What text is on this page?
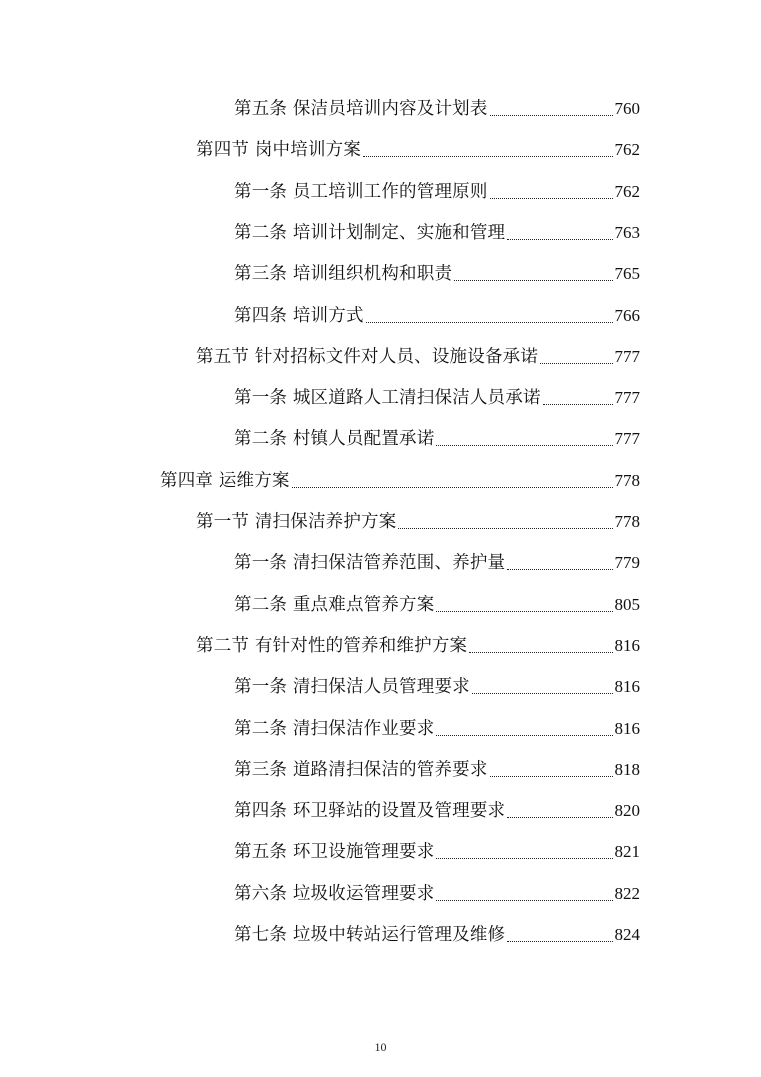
第五条 保洁员培训内容及计划表	760
第四节 岗中培训方案	762
第一条 员工培训工作的管理原则	762
第二条 培训计划制定、实施和管理	763
第三条 培训组织机构和职责	765
第四条 培训方式	766
第五节 针对招标文件对人员、设施设备承诺	777
第一条 城区道路人工清扫保洁人员承诺	777
第二条 村镇人员配置承诺	777
第四章 运维方案	778
第一节 清扫保洁养护方案	778
第一条 清扫保洁管养范围、养护量	779
第二条 重点难点管养方案	805
第二节 有针对性的管养和维护方案	816
第一条 清扫保洁人员管理要求	816
第二条 清扫保洁作业要求	816
第三条 道路清扫保洁的管养要求	818
第四条 环卫驿站的设置及管理要求	820
第五条 环卫设施管理要求	821
第六条 垃圾收运管理要求	822
第七条 垃圾中转站运行管理及维修	824
10
